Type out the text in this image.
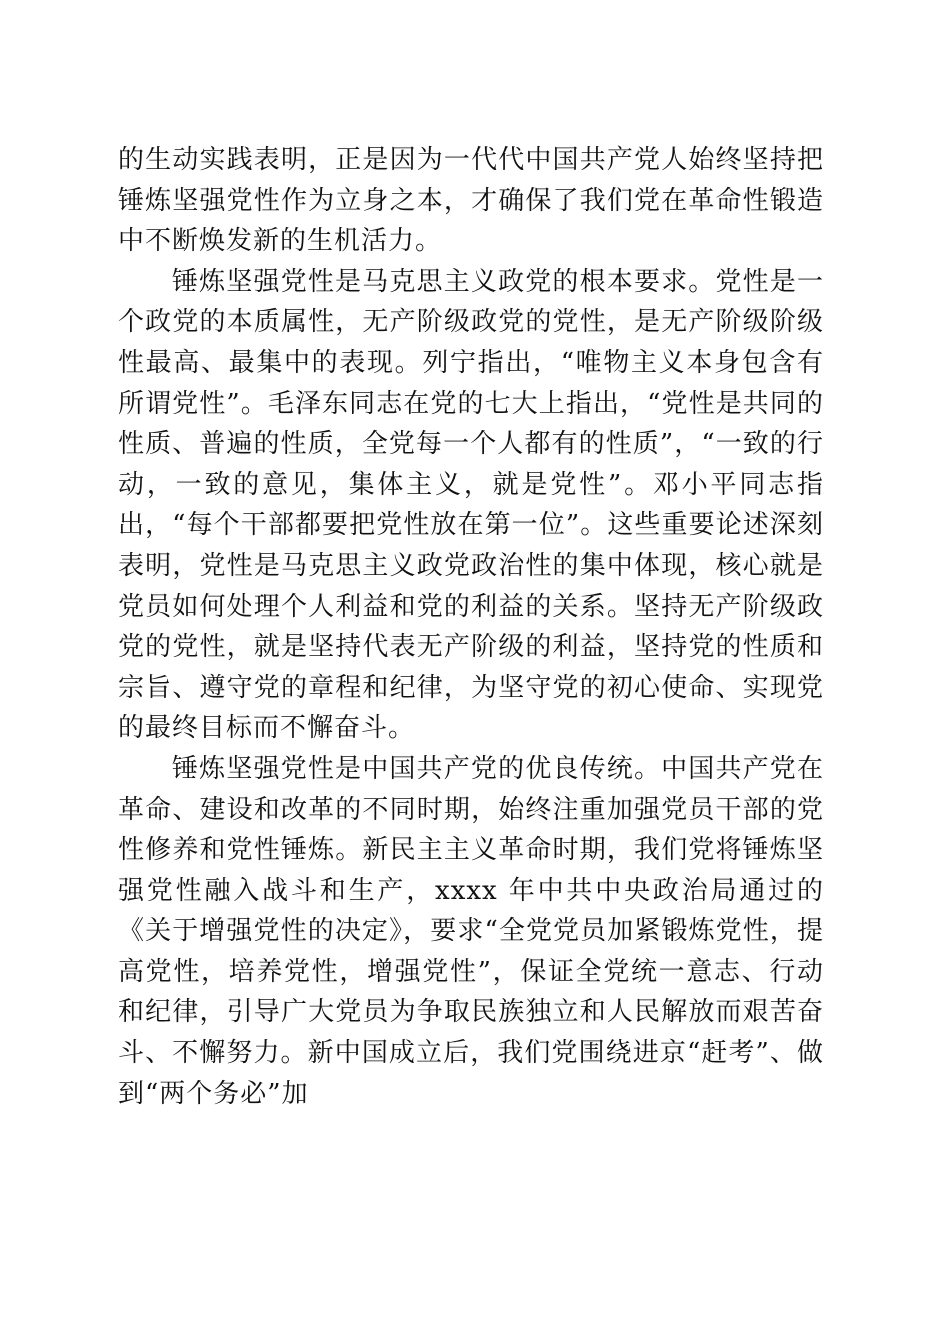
的生动实践表明，正是因为一代代中国共产党人始终坚持把锤炼坚强党性作为立身之本，才确保了我们党在革命性锻造中不断焕发新的生机活力。

锤炼坚强党性是马克思主义政党的根本要求。党性是一个政党的本质属性，无产阶级政党的党性，是无产阶级阶级性最高、最集中的表现。列宁指出，“唯物主义本身包含有所谓党性”。毛泽东同志在党的七大上指出，“党性是共同的性质、普遍的性质，全党每一个人都有的性质”，“一致的行动，一致的意见，集体主义，就是党性”。邓小平同志指出，“每个干部都要把党性放在第一位”。这些重要论述深刻表明，党性是马克思主义政党政治性的集中体现，核心就是党员如何处理个人利益和党的利益的关系。坚持无产阶级政党的党性，就是坚持代表无产阶级的利益，坚持党的性质和宗旨、遵守党的章程和纪律，为坚守党的初心使命、实现党的最终目标而不懈奋斗。

锤炼坚强党性是中国共产党的优良传统。中国共产党在革命、建设和改革的不同时期，始终注重加强党员干部的党性修养和党性锤炼。新民主主义革命时期，我们党将锤炼坚强党性融入战斗和生产，xxxx 年中共中央政治局通过的《关于增强党性的决定》，要求“全党党员加紧锻炼党性，提高党性，培养党性，增强党性”，保证全党统一意志、行动和纪律，引导广大党员为争取民族独立和人民解放而艰苦奋斗、不懈努力。新中国成立后，我们党围绕进京“赶考”、做到“两个务必”加
